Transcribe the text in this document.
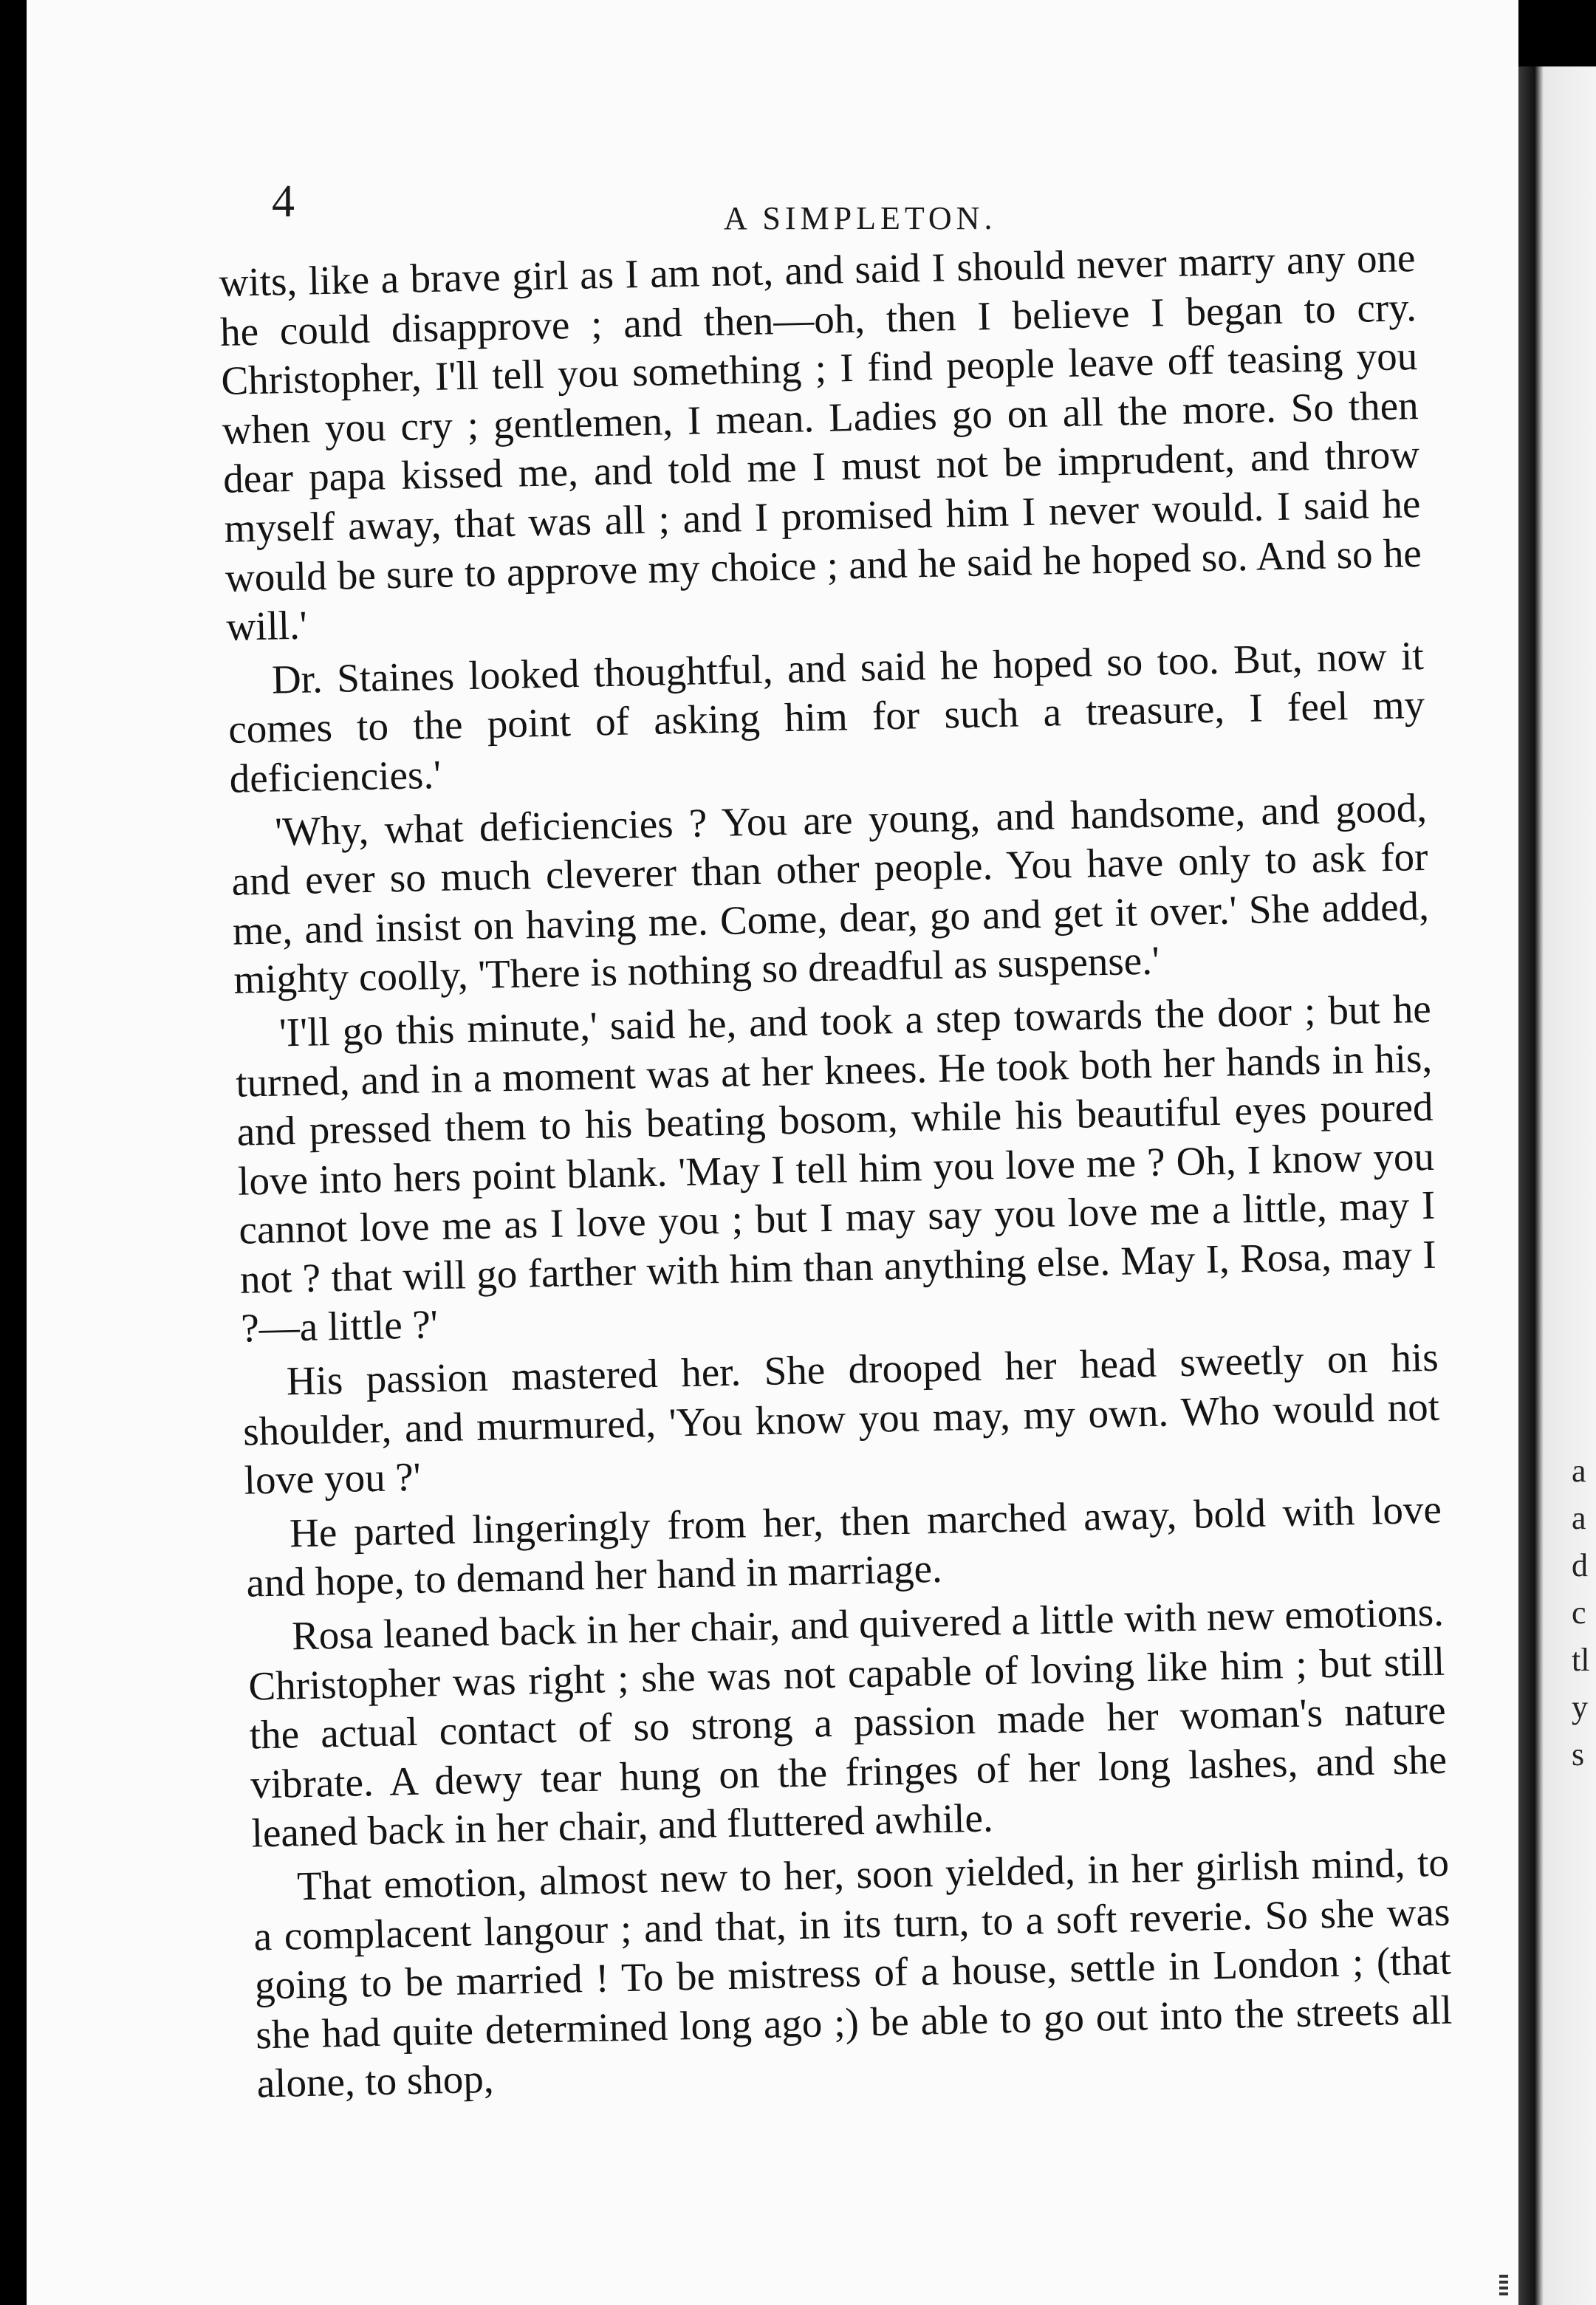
4	A SIMPLETON.

wits, like a brave girl as I am not, and said I should never marry any one he could disapprove ; and then—oh, then I believe I began to cry. Christopher, I'll tell you something ; I find people leave off teasing you when you cry ; gentlemen, I mean. Ladies go on all the more. So then dear papa kissed me, and told me I must not be imprudent, and throw myself away, that was all ; and I promised him I never would. I said he would be sure to approve my choice ; and he said he hoped so. And so he will.'

Dr. Staines looked thoughtful, and said he hoped so too. But, now it comes to the point of asking him for such a treasure, I feel my deficiencies.'

'Why, what deficiencies ? You are young, and handsome, and good, and ever so much cleverer than other people. You have only to ask for me, and insist on having me. Come, dear, go and get it over.' She added, mighty coolly, 'There is nothing so dreadful as suspense.'

'I'll go this minute,' said he, and took a step towards the door ; but he turned, and in a moment was at her knees. He took both her hands in his, and pressed them to his beating bosom, while his beautiful eyes poured love into hers point blank. 'May I tell him you love me ? Oh, I know you cannot love me as I love you ; but I may say you love me a little, may I not ? that will go farther with him than anything else. May I, Rosa, may I ?—a little ?'

His passion mastered her. She drooped her head sweetly on his shoulder, and murmured, 'You know you may, my own. Who would not love you ?'

He parted lingeringly from her, then marched away, bold with love and hope, to demand her hand in marriage.

Rosa leaned back in her chair, and quivered a little with new emotions. Christopher was right ; she was not capable of loving like him ; but still the actual contact of so strong a passion made her woman's nature vibrate. A dewy tear hung on the fringes of her long lashes, and she leaned back in her chair, and fluttered awhile.

That emotion, almost new to her, soon yielded, in her girlish mind, to a complacent langour ; and that, in its turn, to a soft reverie. So she was going to be married ! To be mistress of a house, settle in London ; (that she had quite determined long ago ;) be able to go out into the streets all alone, to shop,

a
a
d
c
tl
y
s
